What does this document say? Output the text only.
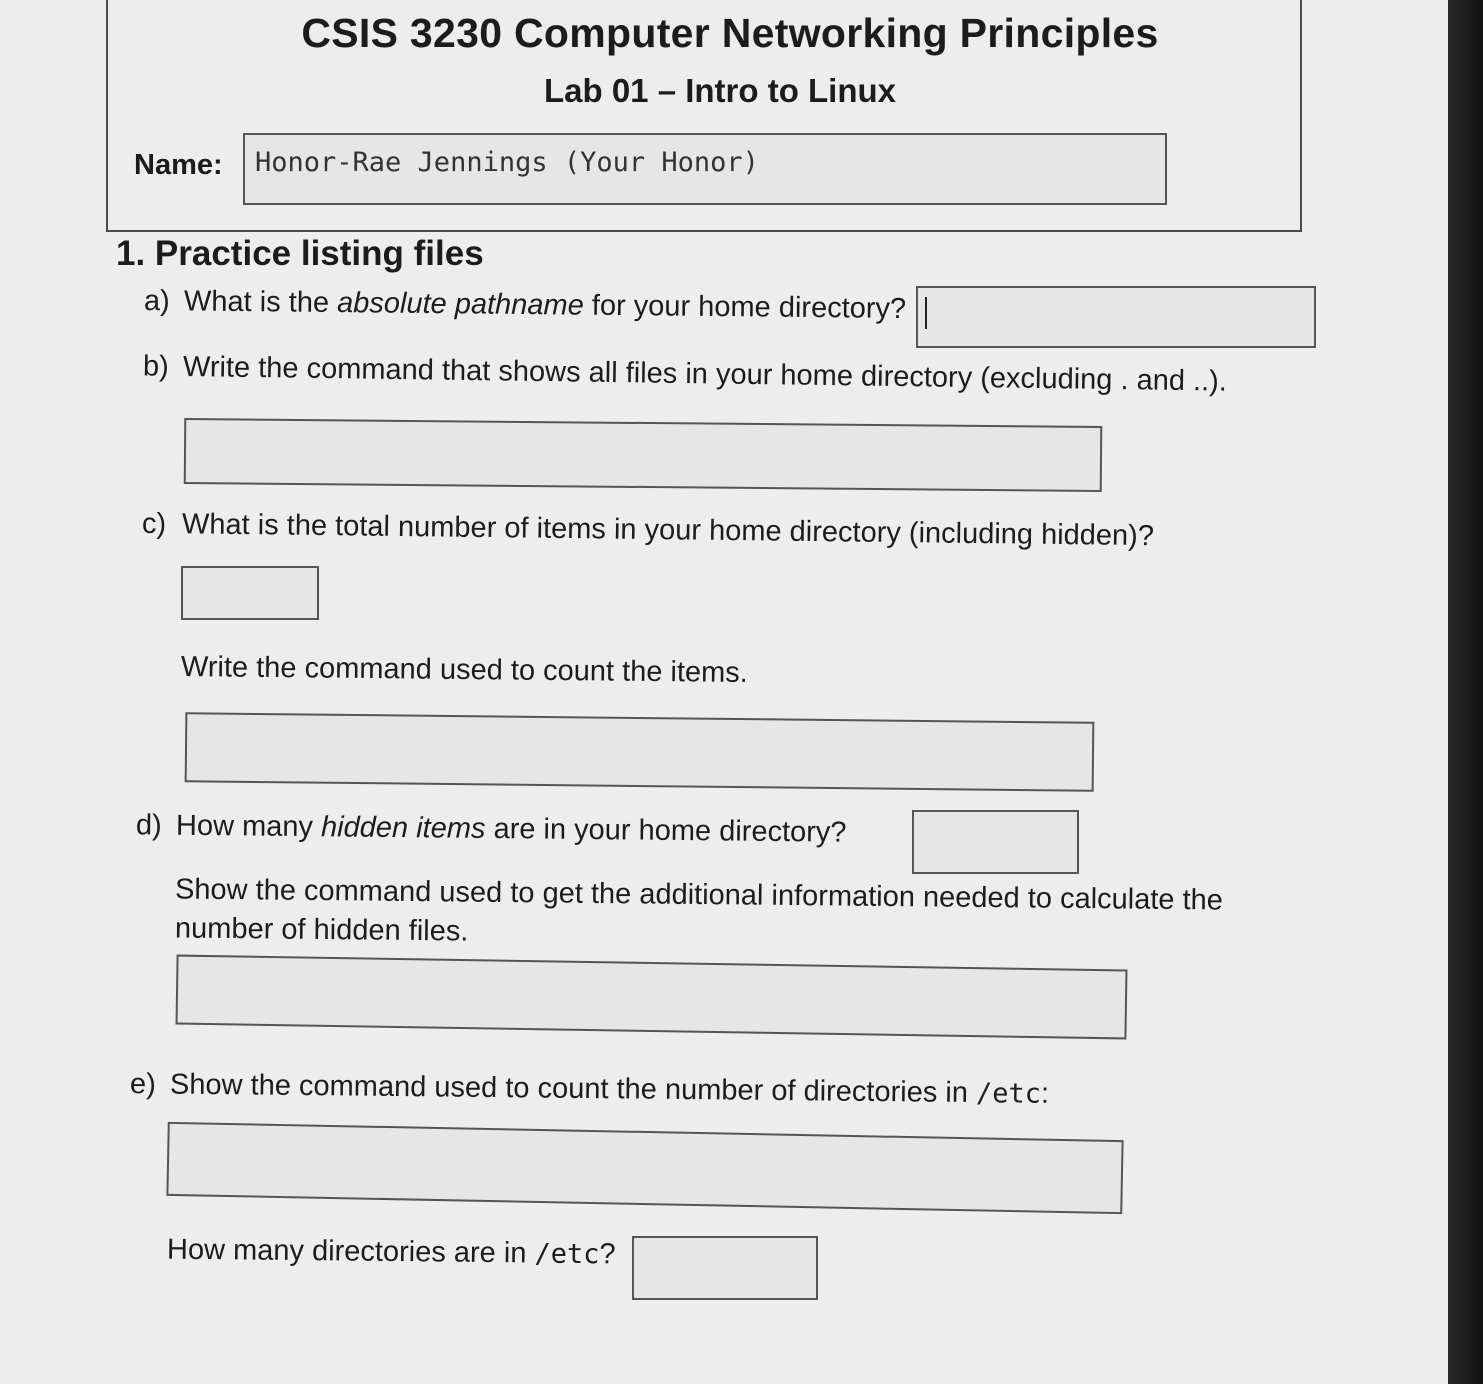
CSIS 3230 Computer Networking Principles
Lab 01 – Intro to Linux
Name:	Honor-Rae Jennings (Your Honor)
1. Practice listing files
a) What is the absolute pathname for your home directory?
b) Write the command that shows all files in your home directory (excluding . and ..).
c) What is the total number of items in your home directory (including hidden)?
Write the command used to count the items.
d) How many hidden items are in your home directory?
Show the command used to get the additional information needed to calculate the
number of hidden files.
e) Show the command used to count the number of directories in /etc:
How many directories are in /etc?
